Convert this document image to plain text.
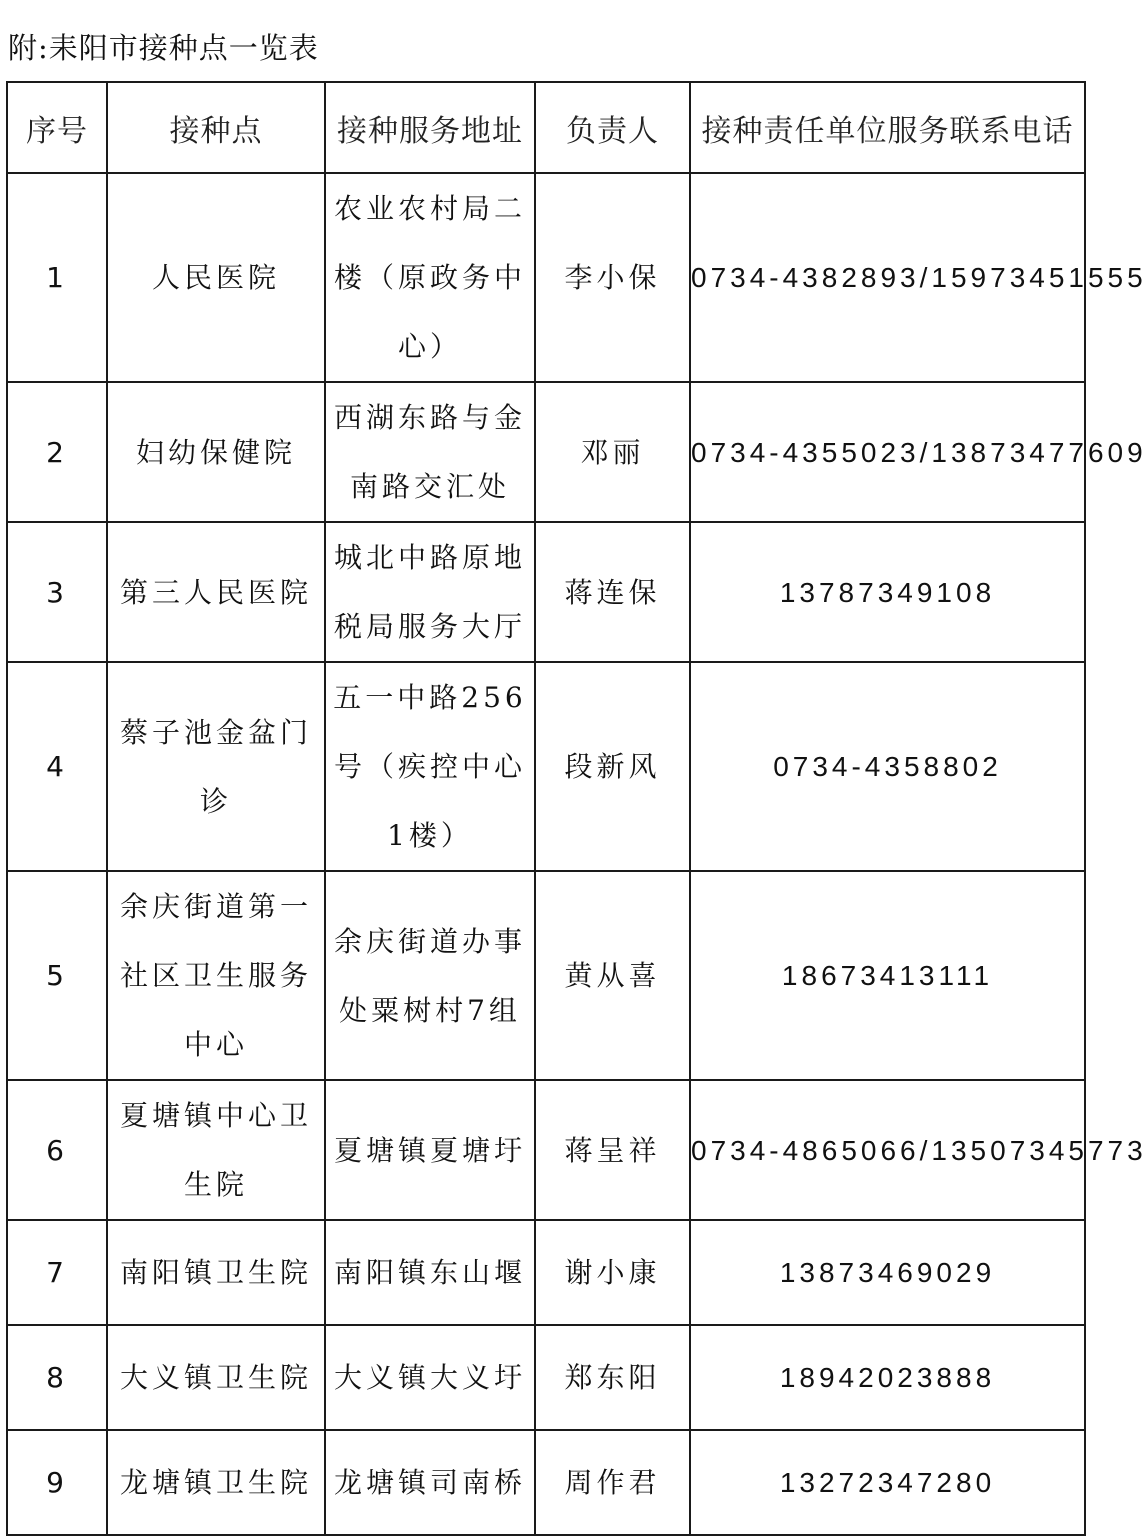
附:耒阳市接种点一览表
序号	接种点	接种服务地址	负责人	接种责任单位服务联系电话
1	人民医院	农业农村局二楼（原政务中心）	李小保	0734-4382893/15973451555
2	妇幼保健院	西湖东路与金南路交汇处	邓丽	0734-4355023/13873477609
3	第三人民医院	城北中路原地税局服务大厅	蒋连保	13787349108
4	蔡子池金盆门诊	五一中路256号（疾控中心1楼）	段新风	0734-4358802
5	余庆街道第一社区卫生服务中心	余庆街道办事处粟树村7组	黄从喜	18673413111
6	夏塘镇中心卫生院	夏塘镇夏塘圩	蒋呈祥	0734-4865066/13507345773
7	南阳镇卫生院	南阳镇东山堰	谢小康	13873469029
8	大义镇卫生院	大义镇大义圩	郑东阳	18942023888
9	龙塘镇卫生院	龙塘镇司南桥	周作君	13272347280
